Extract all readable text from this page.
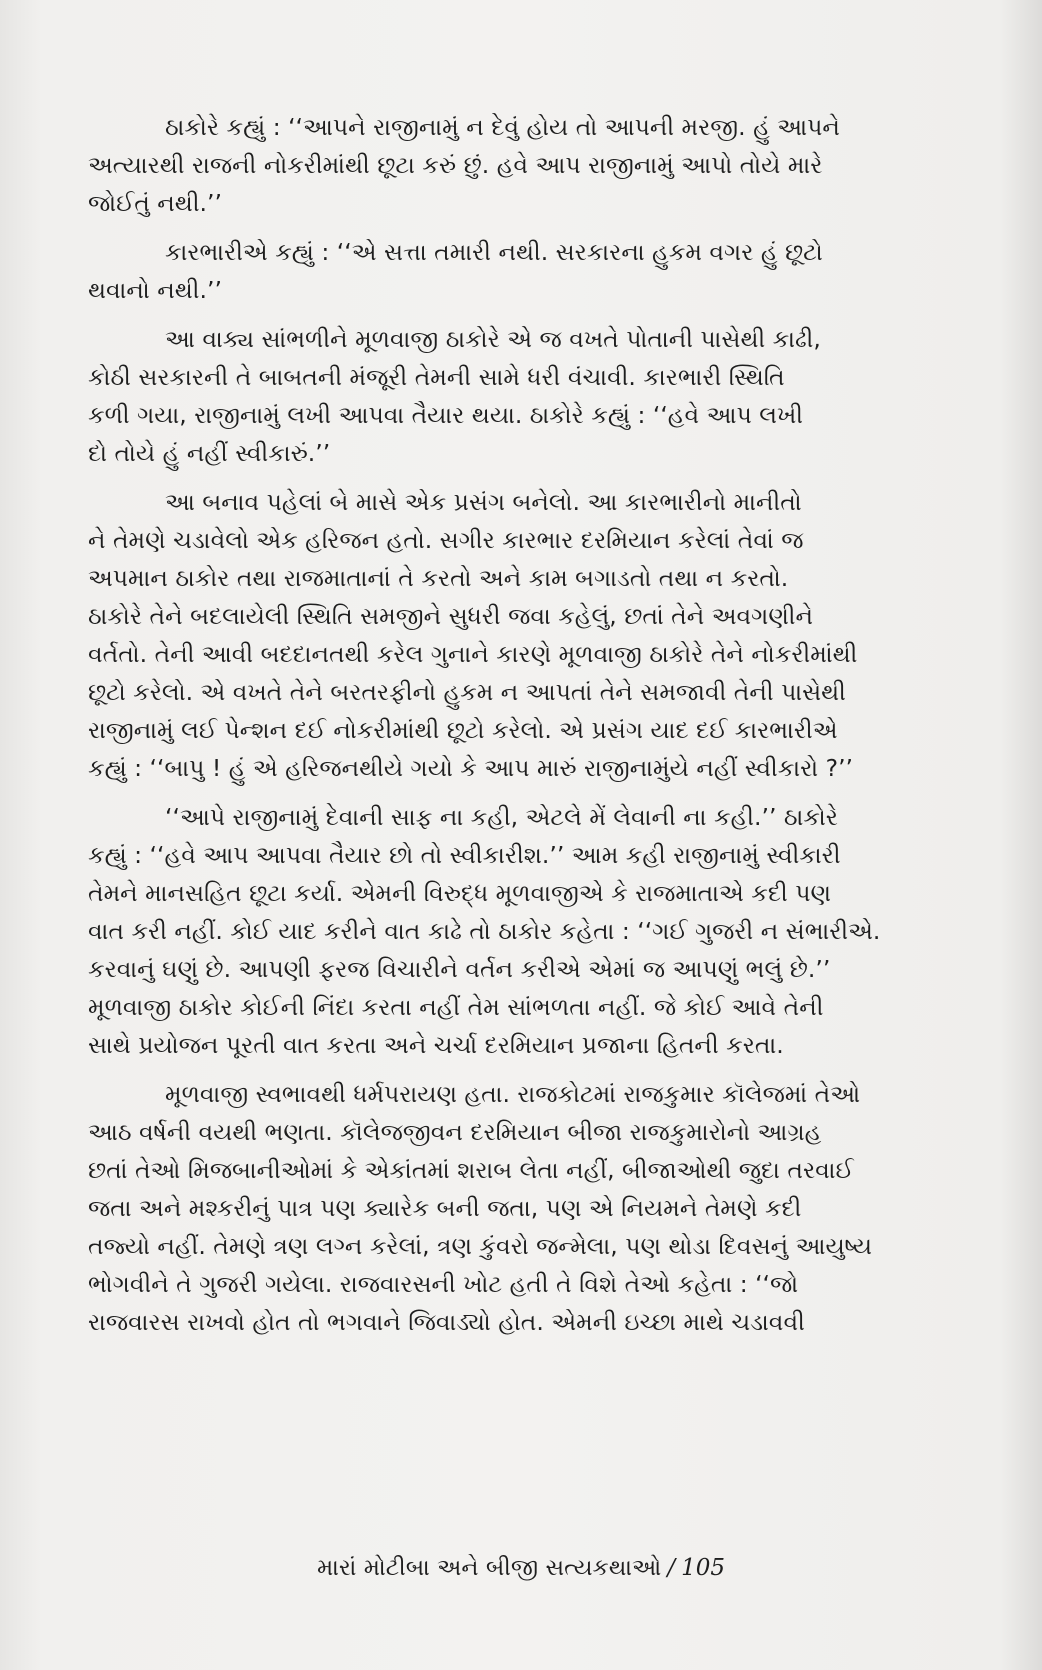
ઠાકોરે કહ્યું : ‘‘આપને રાજીનામું ન દેવું હોય તો આપની મરજી. હું આપને
અત્યારથી રાજની નોકરીમાંથી છૂટા કરું છું. હવે આપ રાજીનામું આપો તોયે મારે
જોઈતું નથી.’’
કારભારીએ કહ્યું : ‘‘એ સત્તા તમારી નથી. સરકારના હુકમ વગર હું છૂટો
થવાનો નથી.’’
આ વાક્ય સાંભળીને મૂળવાજી ઠાકોરે એ જ વખતે પોતાની પાસેથી કાઢી,
કોઠી સરકારની તે બાબતની મંજૂરી તેમની સામે ધરી વંચાવી. કારભારી સ્થિતિ
કળી ગયા, રાજીનામું લખી આપવા તૈયાર થયા. ઠાકોરે કહ્યું : ‘‘હવે આપ લખી
દો તોયે હું નહીં સ્વીકારું.’’
આ બનાવ પહેલાં બે માસે એક પ્રસંગ બનેલો. આ કારભારીનો માનીતો
ને તેમણે ચડાવેલો એક હરિજન હતો. સગીર કારભાર દરમિયાન કરેલાં તેવાં જ
અપમાન ઠાકોર તથા રાજમાતાનાં તે કરતો અને કામ બગાડતો તથા ન કરતો.
ઠાકોરે તેને બદલાયેલી સ્થિતિ સમજીને સુધરી જવા કહેલું, છતાં તેને અવગણીને
વર્તતો. તેની આવી બદદાનતથી કરેલ ગુનાને કારણે મૂળવાજી ઠાકોરે તેને નોકરીમાંથી
છૂટો કરેલો. એ વખતે તેને બરતરફીનો હુકમ ન આપતાં તેને સમજાવી તેની પાસેથી
રાજીનામું લઈ પેન્શન દઈ નોકરીમાંથી છૂટો કરેલો. એ પ્રસંગ યાદ દઈ કારભારીએ
કહ્યું : ‘‘બાપુ ! હું એ હરિજનથીયે ગયો કે આપ મારું રાજીનામુંયે નહીં સ્વીકારો ?’’
‘‘આપે રાજીનામું દેવાની સાફ ના કહી, એટલે મેં લેવાની ના કહી.’’ ઠાકોરે
કહ્યું : ‘‘હવે આપ આપવા તૈયાર છો તો સ્વીકારીશ.’’ આમ કહી રાજીનામું સ્વીકારી
તેમને માનસહિત છૂટા કર્યા. એમની વિરુદ્ધ મૂળવાજીએ કે રાજમાતાએ કદી પણ
વાત કરી નહીં. કોઈ યાદ કરીને વાત કાઢે તો ઠાકોર કહેતા : ‘‘ગઈ ગુજરી ન સંભારીએ.
કરવાનું ઘણું છે. આપણી ફરજ વિચારીને વર્તન કરીએ એમાં જ આપણું ભલું છે.’’
મૂળવાજી ઠાકોર કોઈની નિંદા કરતા નહીં તેમ સાંભળતા નહીં. જે કોઈ આવે તેની
સાથે પ્રયોજન પૂરતી વાત કરતા અને ચર્ચા દરમિયાન પ્રજાના હિતની કરતા.
મૂળવાજી સ્વભાવથી ધર્મપરાયણ હતા. રાજકોટમાં રાજકુમાર કૉલેજમાં તેઓ
આઠ વર્ષની વયથી ભણતા. કૉલેજજીવન દરમિયાન બીજા રાજકુમારોનો આગ્રહ
છતાં તેઓ મિજબાનીઓમાં કે એકાંતમાં શરાબ લેતા નહીં, બીજાઓથી જુદા તરવાઈ
જતા અને મશ્કરીનું પાત્ર પણ ક્યારેક બની જતા, પણ એ નિયમને તેમણે કદી
તજ્યો નહીં. તેમણે ત્રણ લગ્ન કરેલાં, ત્રણ કુંવરો જન્મેલા, પણ થોડા દિવસનું આયુષ્ય
ભોગવીને તે ગુજરી ગયેલા. રાજવારસની ખોટ હતી તે વિશે તેઓ કહેતા : ‘‘જો
રાજવારસ રાખવો હોત તો ભગવાને જિવાડ્યો હોત. એમની ઇચ્છા માથે ચડાવવી
મારાં મોટીબા અને બીજી સત્યકથાઓ / 105
